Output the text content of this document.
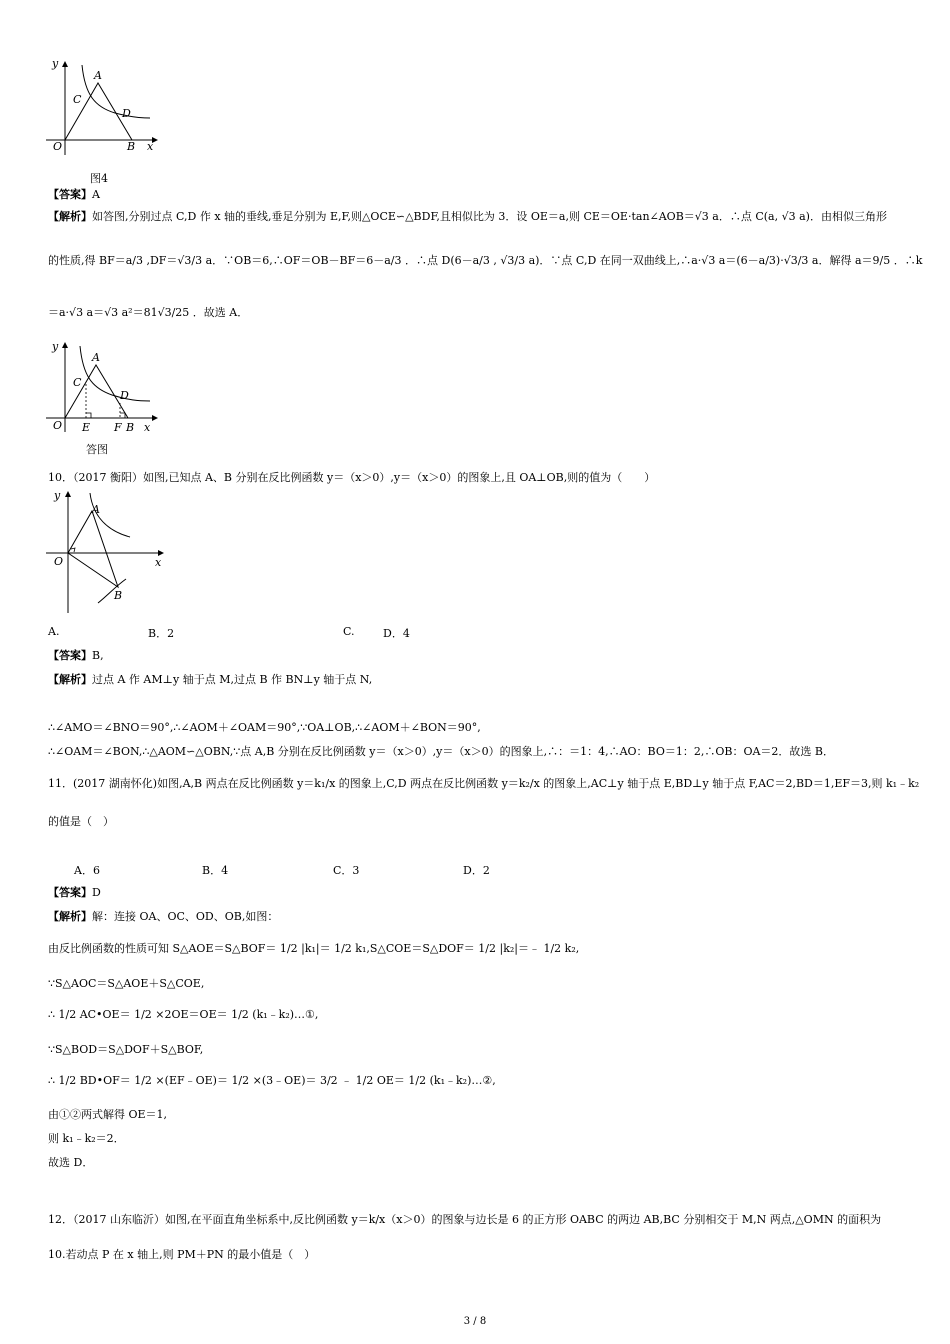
y
A
C
D
O	B x
图4
【答案】A
【解析】如答图,分别过点 C,D 作 x 轴的垂线,垂足分别为 E,F,则△OCE∽△BDF,且相似比为 3．设 OE＝a,则 CE＝OE·tan∠AOB＝√3 a．∴点 C(a, √3 a)．由相似三角形
的性质,得 BF＝a/3 ,DF＝√3/3 a．∵OB＝6,∴OF＝OB－BF＝6－a/3 ．∴点 D(6－a/3 , √3/3 a)．∵点 C,D 在同一双曲线上,∴a·√3 a＝(6－a/3)·√3/3 a．解得 a＝9/5 ．∴k
＝a·√3 a＝√3 a²＝81√3/25 ．故选 A．
y
A
C
D
O E F B x
答图
10．（2017 衡阳）如图,已知点 A、B 分别在反比例函数 y＝（x＞0）,y＝（x＞0）的图象上,且 OA⊥OB,则的值为（　　）
y
A
O	x
B
A.	B．2	C.	D．4
【答案】B,
【解析】过点 A 作 AM⊥y 轴于点 M,过点 B 作 BN⊥y 轴于点 N,
∴∠AMO＝∠BNO＝90°,∴∠AOM＋∠OAM＝90°,∵OA⊥OB,∴∠AOM＋∠BON＝90°,
∴∠OAM＝∠BON,∴△AOM∽△OBN,∵点 A,B 分别在反比例函数 y＝（x＞0）,y＝（x＞0）的图象上,∴：＝1：4,∴AO：BO＝1：2,∴OB：OA＝2．故选 B．
11．(2017 湖南怀化)如图,A,B 两点在反比例函数 y＝k₁/x 的图象上,C,D 两点在反比例函数 y＝k₂/x 的图象上,AC⊥y 轴于点 E,BD⊥y 轴于点 F,AC＝2,BD＝1,EF＝3,则 k₁﹣k₂
的值是（　）
A．6	B．4	C．3	D．2
【答案】D
【解析】解：连接 OA、OC、OD、OB,如图：
由反比例函数的性质可知 S△AOE＝S△BOF＝ 1/2 |k₁|＝ 1/2 k₁,S△COE＝S△DOF＝ 1/2 |k₂|＝﹣ 1/2 k₂,
∵S△AOC＝S△AOE＋S△COE,
∴ 1/2 AC•OE＝ 1/2 ×2OE＝OE＝ 1/2 (k₁﹣k₂)…①,
∵S△BOD＝S△DOF＋S△BOF,
∴ 1/2 BD•OF＝ 1/2 ×(EF﹣OE)＝ 1/2 ×(3﹣OE)＝ 3/2 ﹣ 1/2 OE＝ 1/2 (k₁﹣k₂)…②,
由①②两式解得 OE＝1,
则 k₁﹣k₂＝2．
故选 D．
12．（2017 山东临沂）如图,在平面直角坐标系中,反比例函数 y＝k/x（x＞0）的图象与边长是 6 的正方形 OABC 的两边 AB,BC 分别相交于 M,N 两点,△OMN 的面积为
10.若动点 P 在 x 轴上,则 PM＋PN 的最小值是（　）
3 / 8
